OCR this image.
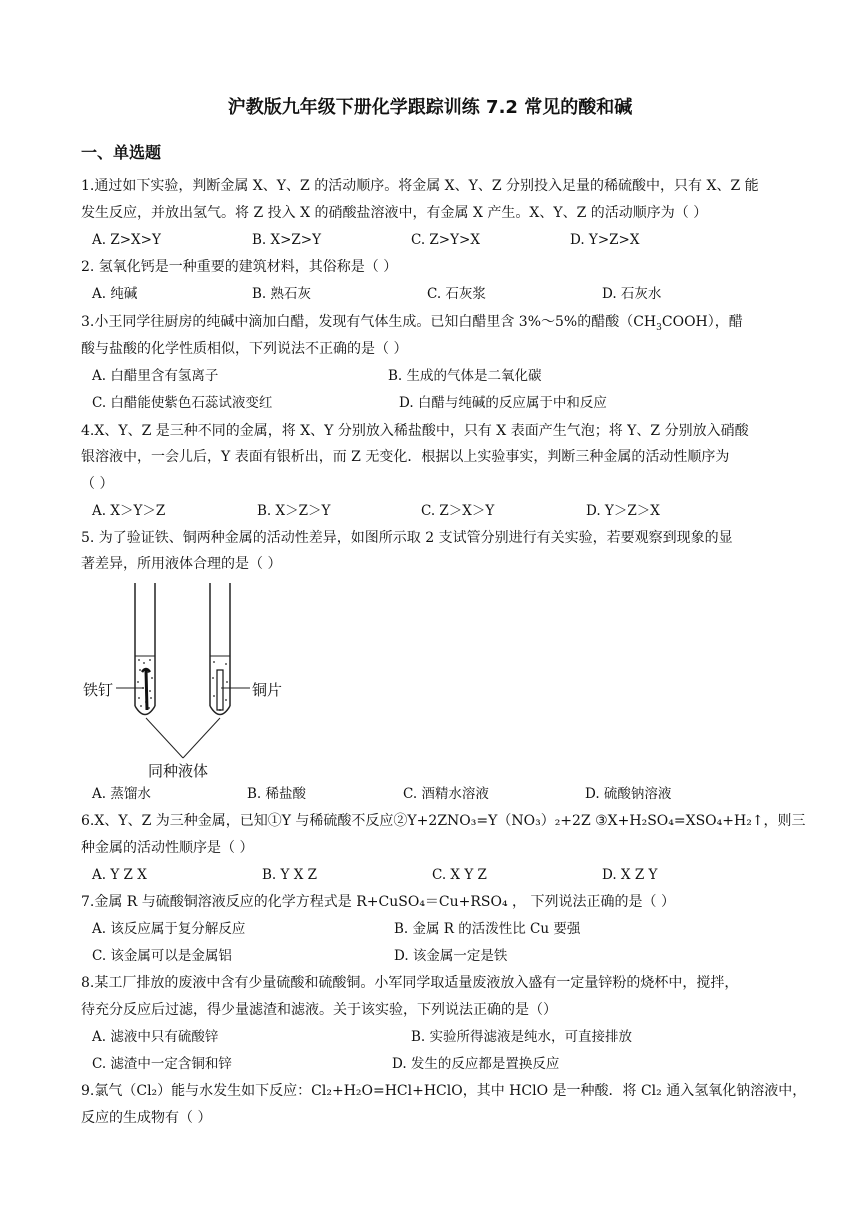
沪教版九年级下册化学跟踪训练 7.2 常见的酸和碱
一、单选题
1.通过如下实验，判断金属 X、Y、Z 的活动顺序。将金属 X、Y、Z 分别投入足量的稀硫酸中，只有 X、Z 能
发生反应，并放出氢气。将 Z 投入 X 的硝酸盐溶液中，有金属 X 产生。X、Y、Z 的活动顺序为（ ）
A. Z>X>Y	B. X>Z>Y	C. Z>Y>X	D. Y>Z>X
2. 氢氧化钙是一种重要的建筑材料，其俗称是（ ）
A. 纯碱	B. 熟石灰	C. 石灰浆	D. 石灰水
3.小王同学往厨房的纯碱中滴加白醋，发现有气体生成。已知白醋里含 3%～5%的醋酸$(CH_3COOH)$，醋
酸与盐酸的化学性质相似，下列说法不正确的是（ ）
A. 白醋里含有氢离子	B. 生成的气体是二氧化碳
C. 白醋能使紫色石蕊试液变红	D. 白醋与纯碱的反应属于中和反应
4.X、Y、Z 是三种不同的金属，将 X、Y 分别放入稀盐酸中，只有 X 表面产生气泡；将 Y、Z 分别放入硝酸
银溶液中，一会儿后，Y 表面有银析出，而 Z 无变化．根据以上实验事实，判断三种金属的活动性顺序为
（ ）
A. X＞Y＞Z	B. X＞Z＞Y	C. Z＞X＞Y	D. Y＞Z＞X
5. 为了验证铁、铜两种金属的活动性差异，如图所示取 2 支试管分别进行有关实验，若要观察到现象的显
著差异，所用液体合理的是（ ）
铁钉	铜片
同种液体
A. 蒸馏水	B. 稀盐酸	C. 酒精水溶液	D. 硫酸钠溶液
6.X、Y、Z 为三种金属，已知①Y 与稀硫酸不反应②Y+2ZNO₃=Y（NO₃）₂+2Z ③X+H₂SO₄=XSO₄+H₂↑，则三
种金属的活动性顺序是（ ）
A. Y Z X	B. Y X Z	C. X Y Z	D. X Z Y
7.金属 R 与硫酸铜溶液反应的化学方程式是 R+CuSO₄＝Cu+RSO₄ ， 下列说法正确的是（ ）
A. 该反应属于复分解反应	B. 金属 R 的活泼性比 Cu 要强
C. 该金属可以是金属铝	D. 该金属一定是铁
8.某工厂排放的废液中含有少量硫酸和硫酸铜。小军同学取适量废液放入盛有一定量锌粉的烧杯中，搅拌，
待充分反应后过滤，得少量滤渣和滤液。关于该实验，下列说法正确的是（）
A. 滤液中只有硫酸锌	B. 实验所得滤液是纯水，可直接排放
C. 滤渣中一定含铜和锌	D. 发生的反应都是置换反应
9.氯气（Cl₂）能与水发生如下反应：Cl₂+H₂O=HCl+HClO，其中 HClO 是一种酸．将 Cl₂ 通入氢氧化钠溶液中，
反应的生成物有（ ）
